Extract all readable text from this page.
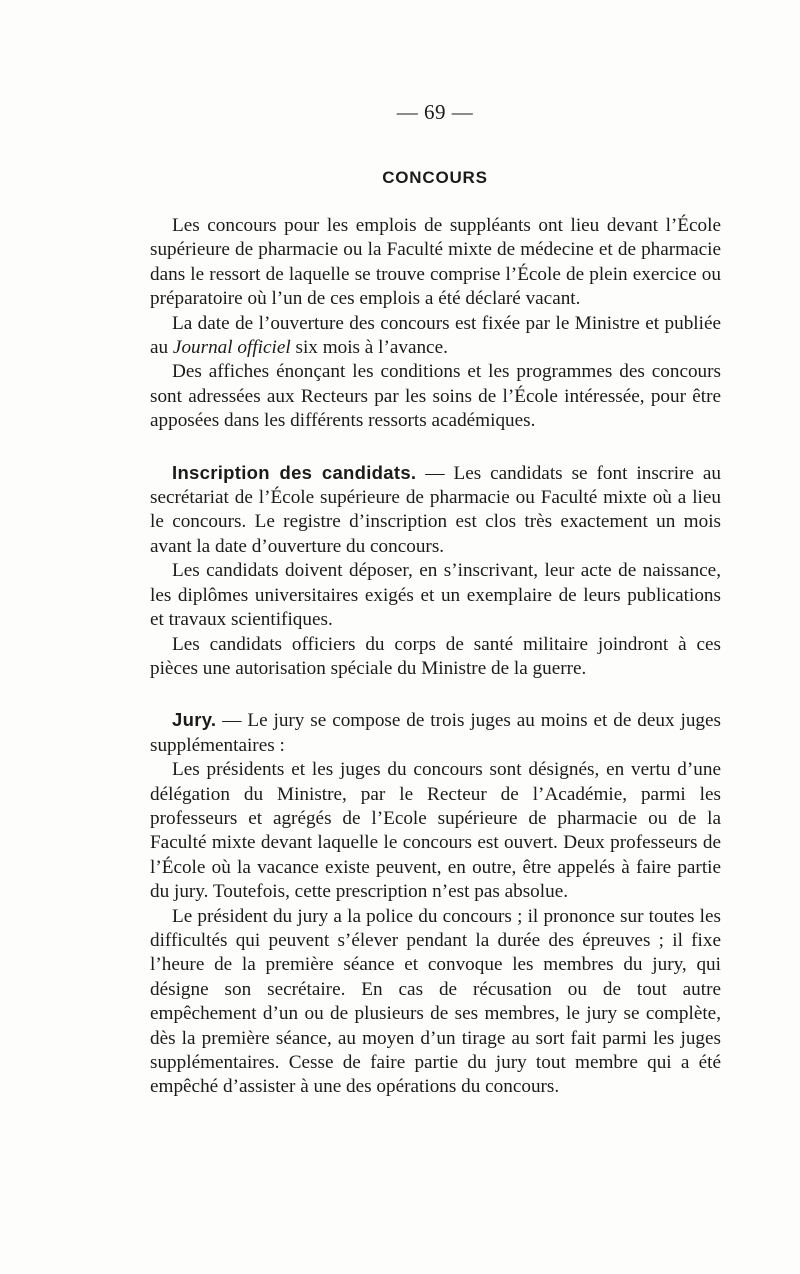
— 69 —
CONCOURS

Les concours pour les emplois de suppléants ont lieu devant l’École supérieure de pharmacie ou la Faculté mixte de médecine et de pharmacie dans le ressort de laquelle se trouve comprise l’École de plein exercice ou préparatoire où l’un de ces emplois a été déclaré vacant.

La date de l’ouverture des concours est fixée par le Ministre et publiée au Journal officiel six mois à l’avance.

Des affiches énonçant les conditions et les programmes des concours sont adressées aux Recteurs par les soins de l’École intéressée, pour être apposées dans les différents ressorts académiques.

Inscription des candidats. — Les candidats se font inscrire au secrétariat de l’École supérieure de pharmacie ou Faculté mixte où a lieu le concours. Le registre d’inscription est clos très exactement un mois avant la date d’ouverture du concours.

Les candidats doivent déposer, en s’inscrivant, leur acte de naissance, les diplômes universitaires exigés et un exemplaire de leurs publications et travaux scientifiques.

Les candidats officiers du corps de santé militaire joindront à ces pièces une autorisation spéciale du Ministre de la guerre.

Jury. — Le jury se compose de trois juges au moins et de deux juges supplémentaires :

Les présidents et les juges du concours sont désignés, en vertu d’une délégation du Ministre, par le Recteur de l’Académie, parmi les professeurs et agrégés de l’Ecole supérieure de pharmacie ou de la Faculté mixte devant laquelle le concours est ouvert. Deux professeurs de l’École où la vacance existe peuvent, en outre, être appelés à faire partie du jury. Toutefois, cette prescription n’est pas absolue.

Le président du jury a la police du concours ; il prononce sur toutes les difficultés qui peuvent s’élever pendant la durée des épreuves ; il fixe l’heure de la première séance et convoque les membres du jury, qui désigne son secrétaire. En cas de récusation ou de tout autre empêchement d’un ou de plusieurs de ses membres, le jury se complète, dès la première séance, au moyen d’un tirage au sort fait parmi les juges supplémentaires. Cesse de faire partie du jury tout membre qui a été empêché d’assister à une des opérations du concours.
